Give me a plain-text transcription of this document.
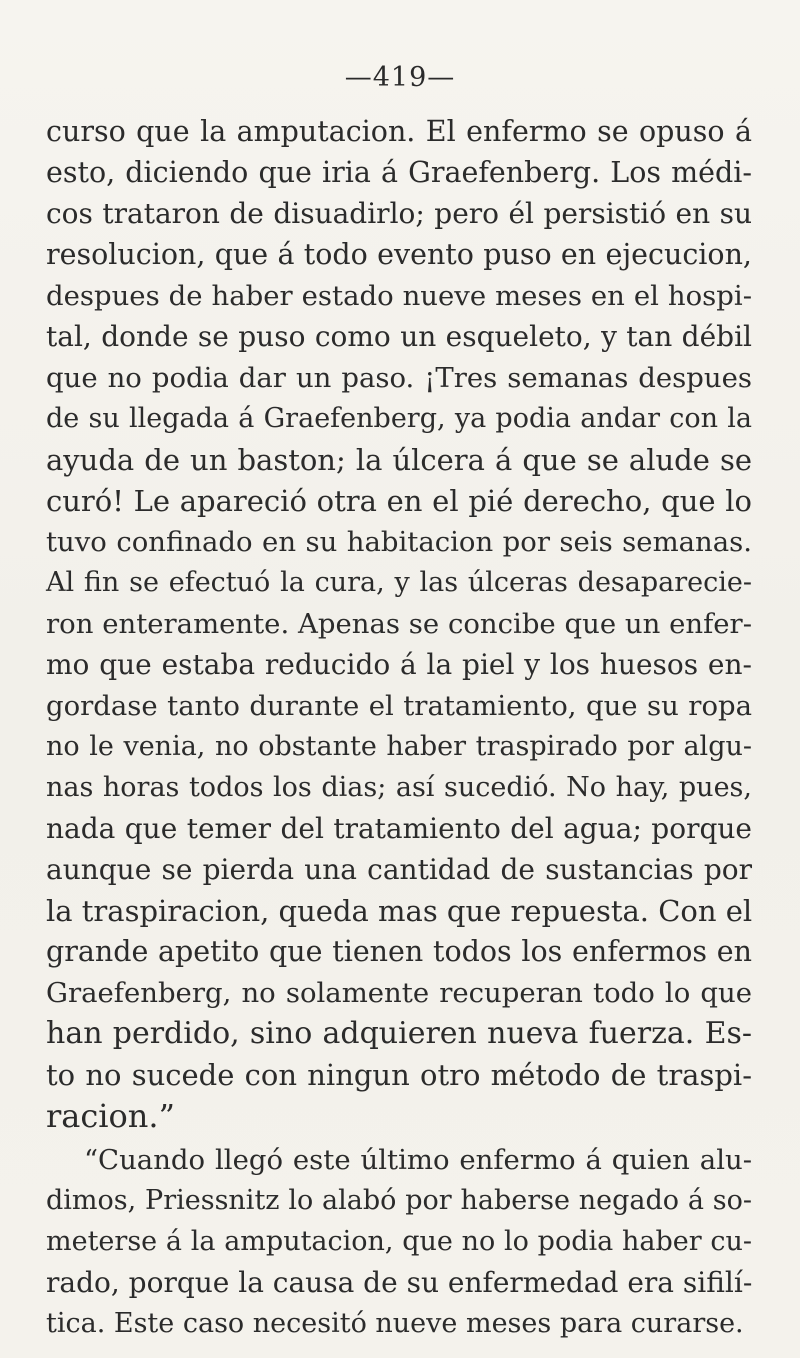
—419—
curso que la amputacion. El enfermo se opuso á
esto, diciendo que iria á Graefenberg. Los médi-
cos trataron de disuadirlo; pero él persistió en su
resolucion, que á todo evento puso en ejecucion,
despues de haber estado nueve meses en el hospi-
tal, donde se puso como un esqueleto, y tan débil
que no podia dar un paso. ¡Tres semanas despues
de su llegada á Graefenberg, ya podia andar con la
ayuda de un baston; la úlcera á que se alude se
curó! Le apareció otra en el pié derecho, que lo
tuvo confinado en su habitacion por seis semanas.
Al fin se efectuó la cura, y las úlceras desaparecie-
ron enteramente. Apenas se concibe que un enfer-
mo que estaba reducido á la piel y los huesos en-
gordase tanto durante el tratamiento, que su ropa
no le venia, no obstante haber traspirado por algu-
nas horas todos los dias; así sucedió. No hay, pues,
nada que temer del tratamiento del agua; porque
aunque se pierda una cantidad de sustancias por
la traspiracion, queda mas que repuesta. Con el
grande apetito que tienen todos los enfermos en
Graefenberg, no solamente recuperan todo lo que
han perdido, sino adquieren nueva fuerza. Es-
to no sucede con ningun otro método de traspi-
racion.”
“Cuando llegó este último enfermo á quien alu-
dimos, Priessnitz lo alabó por haberse negado á so-
meterse á la amputacion, que no lo podia haber cu-
rado, porque la causa de su enfermedad era sifilí-
tica. Este caso necesitó nueve meses para curarse.
